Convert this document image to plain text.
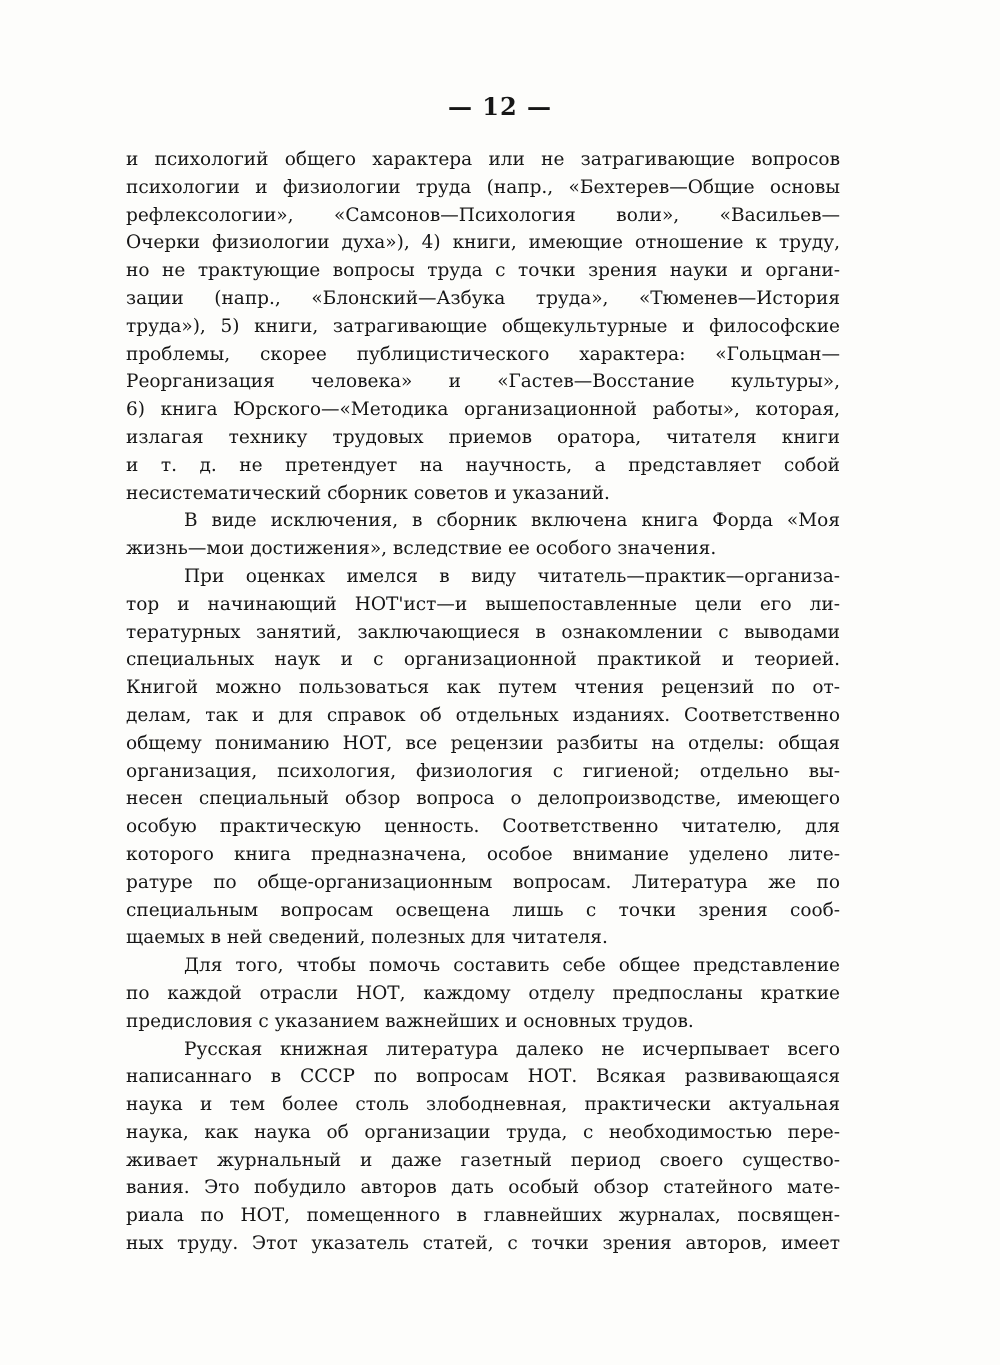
— 12 —
и психологий общего характера или не затрагивающие вопросов
психологии и физиологии труда (напр., «Бехтерев—Общие основы
рефлексологии», «Самсонов—Психология воли», «Васильев—
Очерки физиологии духа»), 4) книги, имеющие отношение к труду,
но не трактующие вопросы труда с точки зрения науки и органи-
зации (напр., «Блонский—Азбука труда», «Тюменев—История
труда»), 5) книги, затрагивающие общекультурные и философские
проблемы, скорее публицистического характера: «Гольцман—
Реорганизация человека» и «Гастев—Восстание культуры»,
6) книга Юрского—«Методика организационной работы», которая,
излагая технику трудовых приемов оратора, читателя книги
и т. д. не претендует на научность, а представляет собой
несистематический сборник советов и указаний.
В виде исключения, в сборник включена книга Форда «Моя
жизнь—мои достижения», вследствие ее особого значения.
При оценках имелся в виду читатель—практик—организа-
тор и начинающий НОТ'ист—и вышепоставленные цели его ли-
тературных занятий, заключающиеся в ознакомлении с выводами
специальных наук и с организационной практикой и теорией.
Книгой можно пользоваться как путем чтения рецензий по от-
делам, так и для справок об отдельных изданиях. Соответственно
общему пониманию НОТ, все рецензии разбиты на отделы: общая
организация, психология, физиология с гигиеной; отдельно вы-
несен специальный обзор вопроса о делопроизводстве, имеющего
особую практическую ценность. Соответственно читателю, для
которого книга предназначена, особое внимание уделено лите-
ратуре по обще-организационным вопросам. Литература же по
специальным вопросам освещена лишь с точки зрения сооб-
щаемых в ней сведений, полезных для читателя.
Для того, чтобы помочь составить себе общее представление
по каждой отрасли НОТ, каждому отделу предпосланы краткие
предисловия с указанием важнейших и основных трудов.
Русская книжная литература далеко не исчерпывает всего
написаннаго в СССР по вопросам НОТ. Всякая развивающаяся
наука и тем более столь злободневная, практически актуальная
наука, как наука об организации труда, с необходимостью пере-
живает журнальный и даже газетный период своего существо-
вания. Это побудило авторов дать особый обзор статейного мате-
риала по НОТ, помещенного в главнейших журналах, посвящен-
ных труду. Этот указатель статей, с точки зрения авторов, имеет
